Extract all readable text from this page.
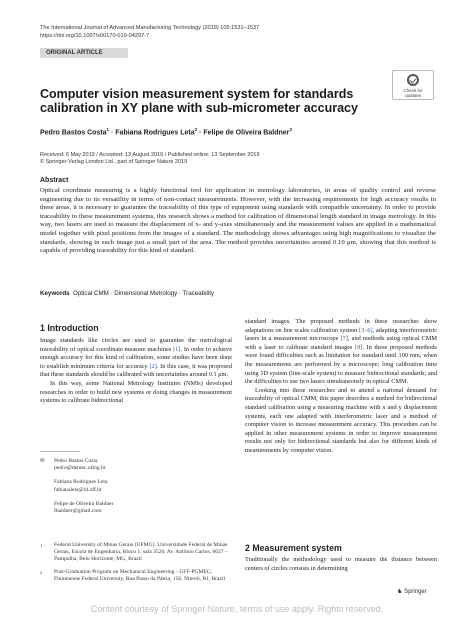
The International Journal of Advanced Manufacturing Technology (2019) 105:1531–1537
https://doi.org/10.1007/s00170-019-04297-7
ORIGINAL ARTICLE
Check for
updates
Computer vision measurement system for standards calibration in XY plane with sub-micrometer accuracy
Pedro Bastos Costa$^1$ · Fabiana Rodrigues Leta$^2$ · Felipe de Oliveira Baldner$^3$
Received: 6 May 2019 / Accepted: 13 August 2019 / Published online: 13 September 2019
© Springer-Verlag London Ltd., part of Springer Nature 2019
Abstract
Optical coordinate measuring is a highly functional tool for application in metrology laboratories, in areas of quality control and reverse engineering due to its versatility in terms of non-contact measurements. However, with the increasing requirements for high accuracy results in these areas, it is necessary to guarantee the traceability of this type of equipment using standards with compatible uncertainty. In order to provide traceability to these measurement systems, this research shows a method for calibration of dimensional length standard in image metrology. In this way, two lasers are used to measure the displacement of x- and y-axes simultaneously and the measurement values are applied in a mathematical model together with pixel positions from the images of a standard. The methodology shows advantages using high magnifications to visualize the standards, showing in each image just a small part of the area. The method provides uncertainties around 0.10 μm, showing that this method is capable of providing traceability for this kind of standard.
Keywords Optical CMM · Dimensional Metrology · Traceability
1 Introduction

Image standards like circles are used to guarantee the metrological traceability of optical coordinate measure machines [1]. In order to achieve enough accuracy for this kind of calibration, some studies have been done to establish minimum criteria for accuracy [2]. In this case, it was proposed that these standards should be calibrated with uncertainties around 0.1 μm.

In this way, some National Metrology Institutes (NMIs) developed researches in order to build new systems or doing changes in measurement systems to calibrate bidirectional

✉	Pedro Bastos Costa
pedro@demec.ufmg.br
Fabiana Rodrigues Leta
fabianaleta@id.uff.br
Felipe de Oliveira Baldner
fbaldner@gmail.com
1	Federal University of Minas Gerais (UFMG), Universidade Federal de Minas Gerais, Escola de Engenharia, Bloco 1, sala 3520, Av. Antônio Carlos, 6627 - Pampulha, Belo Horizonte, MG, Brazil
2	Post-Graduation Program on Mechanical Engineering - UFF-PGMEC, Fluminense Federal University, Rua Passo da Pátria, 156, Niterói, RJ, Brazil

standard images. The proposed methods in these researches show adaptations on line scales calibration system [3–6], adapting interferometric lasers in a measurement microscope [7], and methods using optical CMM with a laser to calibrate standard images [8]. In these proposed methods were found difficulties such as limitation for standard until 100 mm, when the measurements are performed by a microscope; long calibration time using 1D system (line-scale system) to measure bidirectional standards; and the difficulties to use two lasers simultaneously in optical CMM.

Looking into these researches and to attend a national demand for traceability of optical CMM, this paper describes a method for bidirectional standard calibration using a measuring machine with x and y displacement systems, each one adapted with interferometric laser and a method of computer vision to increase measurement accuracy. This procedure can be applied in other measurement systems in order to improve measurement results not only for bidirectional standards but also for different kinds of measurements by computer vision.

2 Measurement system
Traditionally the methodology used to measure the distance between centers of circles consists in determining
♞ Springer
Content courtesy of Springer Nature, terms of use apply. Rights reserved.
